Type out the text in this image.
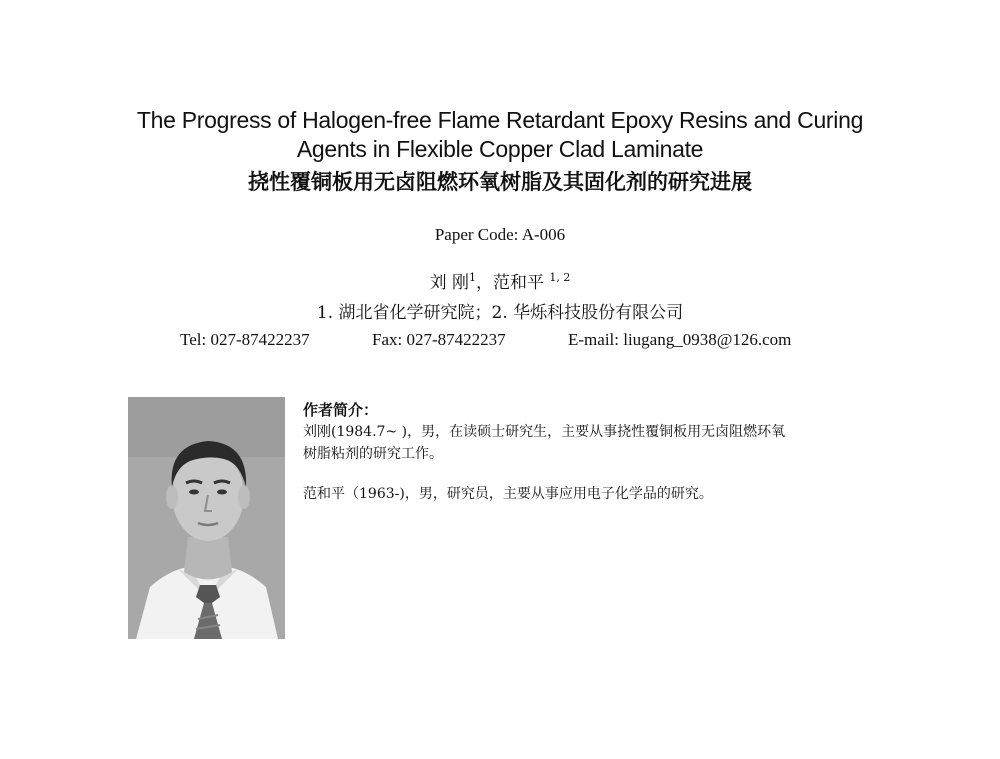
The Progress of Halogen-free Flame Retardant Epoxy Resins and Curing
Agents in Flexible Copper Clad Laminate
挠性覆铜板用无卤阻燃环氧树脂及其固化剂的研究进展
Paper Code: A-006
刘 刚$^1$，范和平 $^{1, 2}$
1. 湖北省化学研究院；2. 华烁科技股份有限公司
Tel: 027-87422237	Fax: 027-87422237	E-mail: liugang_0938@126.com
作者简介：

刘刚(1984.7~ )，男，在读硕士研究生，主要从事挠性覆铜板用无卤阻燃环氧

树脂粘剂的研究工作。

范和平（1963-)，男，研究员，主要从事应用电子化学品的研究。
